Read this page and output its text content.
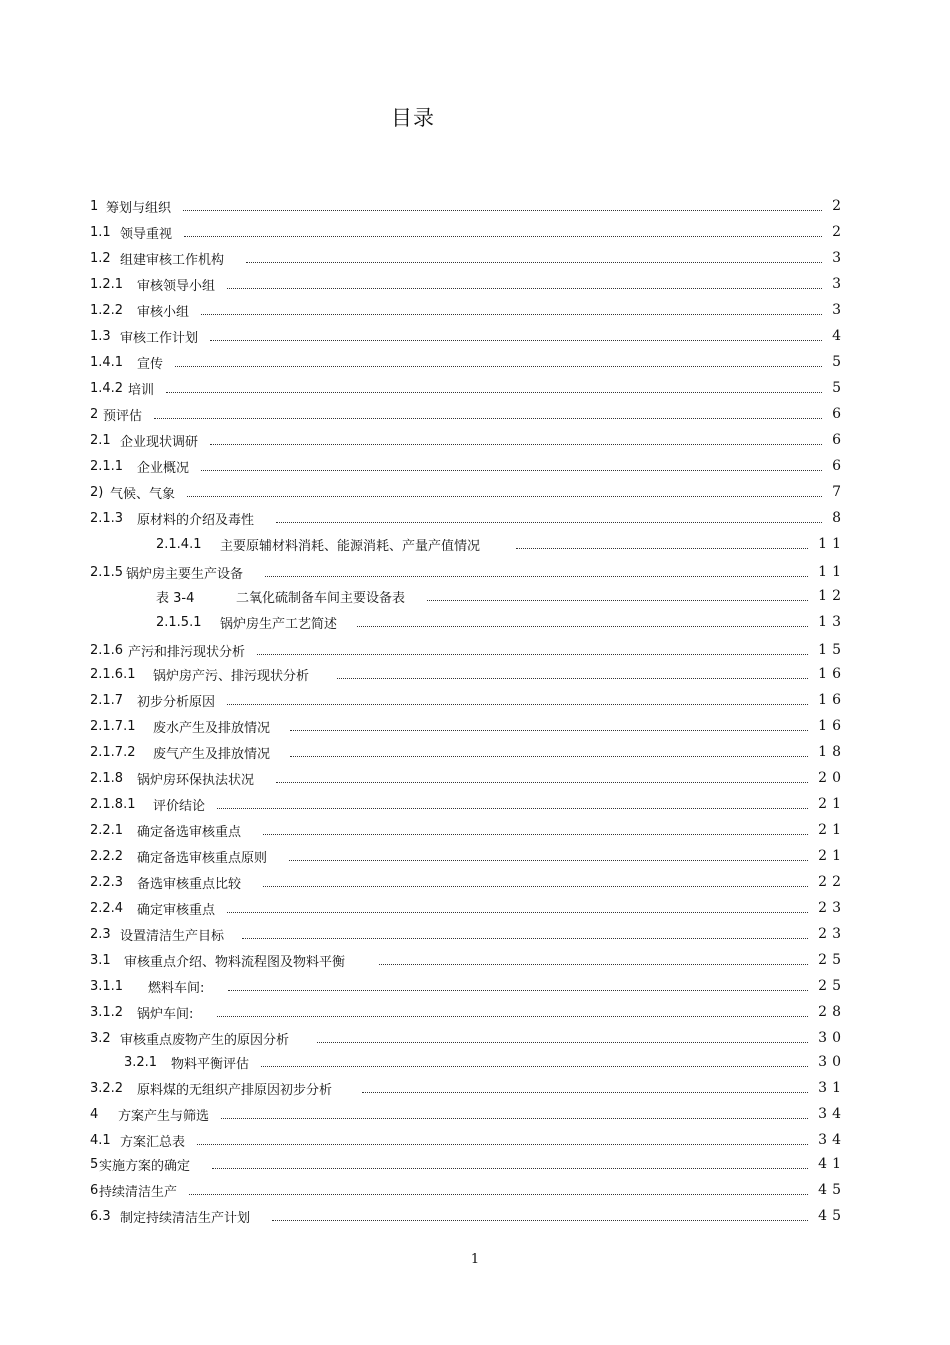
目录
1 筹划与组织	2
1.1 领导重视	2
1.2 组建审核工作机构	3
1.2.1	审核领导小组	3
1.2.2	审核小组	3
1.3 审核工作计划	4
1.4.1	宣传	5
1.4.2 培训	5
2 预评估	6
2.1 企业现状调研	6
2.1.1	企业概况	6
2) 气候、气象	7
2.1.3	原材料的介绍及毒性	8
2.1.4.1	主要原辅材料消耗、能源消耗、产量产值情况	11
2.1.5 锅炉房主要生产设备	11
表 3-4	二氧化硫制备车间主要设备表	12
2.1.5.1	锅炉房生产工艺简述	13
2.1.6 产污和排污现状分析	15
2.1.6.1	锅炉房产污、排污现状分析	16
2.1.7	初步分析原因	16
2.1.7.1	废水产生及排放情况	16
2.1.7.2	废气产生及排放情况	18
2.1.8	锅炉房环保执法状况	20
2.1.8.1	评价结论	21
2.2.1	确定备选审核重点	21
2.2.2	确定备选审核重点原则	21
2.2.3	备选审核重点比较	22
2.2.4	确定审核重点	23
2.3 设置清洁生产目标	23
3.1	审核重点介绍、物料流程图及物料平衡	25
3.1.1	燃料车间:	25
3.1.2	锅炉车间:	28
3.2 审核重点废物产生的原因分析	30
3.2.1	物料平衡评估	30
3.2.2	原料煤的无组织产排原因初步分析	31
4	方案产生与筛选	34
4.1 方案汇总表	34
5 实施方案的确定	41
6 持续清洁生产	45
6.3 制定持续清洁生产计划	45
1
